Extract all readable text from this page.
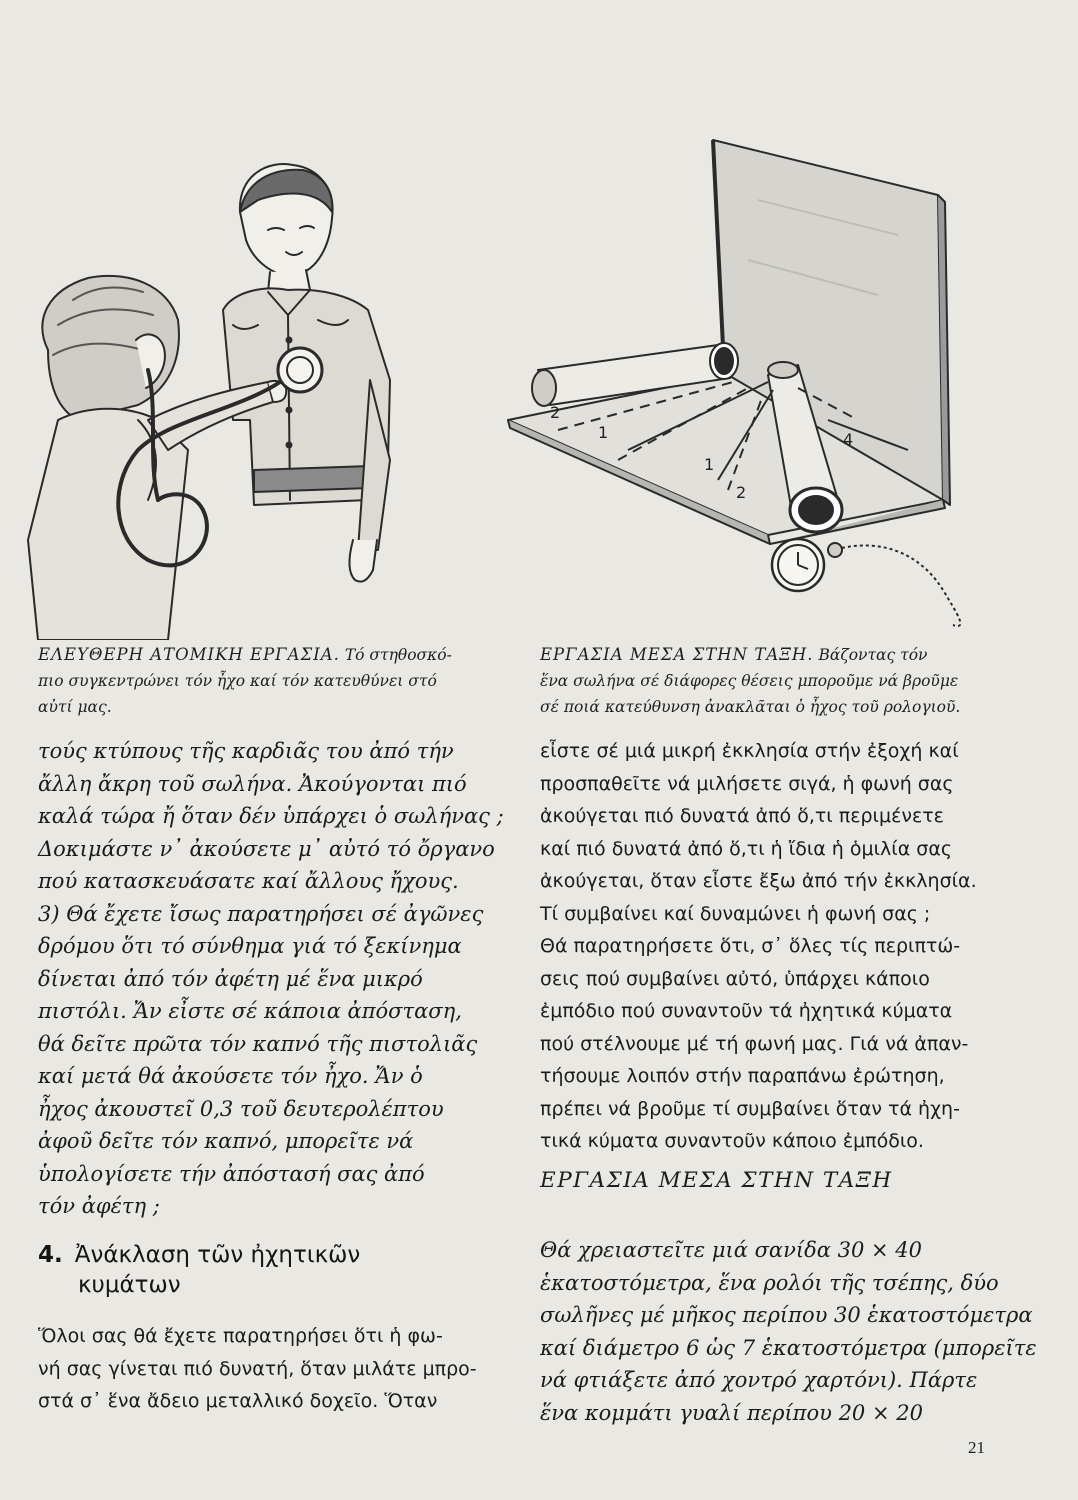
2
1
1
2
4
ΕΛΕΥΘΕΡΗ ΑΤΟΜΙΚΗ ΕΡΓΑΣΙΑ. Τό στηθοσκό-
πιο συγκεντρώνει τόν ἦχο καί τόν κατευθύνει στό
αὐτί μας.
ΕΡΓΑΣΙΑ ΜΕΣΑ ΣΤΗΝ ΤΑΞΗ. Βάζοντας τόν
ἕνα σωλήνα σέ διάφορες θέσεις μποροῦμε νά βροῦμε
σέ ποιά κατεύθυνση ἀνακλᾶται ὁ ἦχος τοῦ ρολογιοῦ.
τούς κτύπους τῆς καρδιᾶς του ἀπό τήν
ἄλλη ἄκρη τοῦ σωλήνα. Ἀκούγονται πιό
καλά τώρα ἤ ὅταν δέν ὑπάρχει ὁ σωλήνας ;
Δοκιμάστε ν᾿ ἀκούσετε μ᾿ αὐτό τό ὄργανο
πού κατασκευάσατε καί ἄλλους ἤχους.
3) Θά ἔχετε ἴσως παρατηρήσει σέ ἀγῶνες
δρόμου ὅτι τό σύνθημα γιά τό ξεκίνημα
δίνεται ἀπό τόν ἀφέτη μέ ἕνα μικρό
πιστόλι. Ἄν εἶστε σέ κάποια ἀπόσταση,
θά δεῖτε πρῶτα τόν καπνό τῆς πιστολιᾶς
καί μετά θά ἀκούσετε τόν ἦχο. Ἄν ὁ
ἦχος ἀκουστεῖ 0,3 τοῦ δευτερολέπτου
ἀφοῦ δεῖτε τόν καπνό, μπορεῖτε νά
ὑπολογίσετε τήν ἀπόστασή σας ἀπό
τόν ἀφέτη ;
4. Ἀνάκλαση τῶν ἠχητικῶν
κυμάτων
Ὅλοι σας θά ἔχετε παρατηρήσει ὅτι ἡ φω-
νή σας γίνεται πιό δυνατή, ὅταν μιλάτε μπρο-
στά σ᾿ ἕνα ἄδειο μεταλλικό δοχεῖο. Ὅταν
εἶστε σέ μιά μικρή ἐκκλησία στήν ἐξοχή καί
προσπαθεῖτε νά μιλήσετε σιγά, ἡ φωνή σας
ἀκούγεται πιό δυνατά ἀπό ὅ,τι περιμένετε
καί πιό δυνατά ἀπό ὅ,τι ἡ ἴδια ἡ ὁμιλία σας
ἀκούγεται, ὅταν εἶστε ἔξω ἀπό τήν ἐκκλησία.
Τί συμβαίνει καί δυναμώνει ἡ φωνή σας ;
Θά παρατηρήσετε ὅτι, σ᾿ ὅλες τίς περιπτώ-
σεις πού συμβαίνει αὐτό, ὑπάρχει κάποιο
ἐμπόδιο πού συναντοῦν τά ἠχητικά κύματα
πού στέλνουμε μέ τή φωνή μας. Γιά νά ἀπαν-
τήσουμε λοιπόν στήν παραπάνω ἐρώτηση,
πρέπει νά βροῦμε τί συμβαίνει ὅταν τά ἠχη-
τικά κύματα συναντοῦν κάποιο ἐμπόδιο.
ΕΡΓΑΣΙΑ ΜΕΣΑ ΣΤΗΝ ΤΑΞΗ
Θά χρειαστεῖτε μιά σανίδα 30 × 40
ἑκατοστόμετρα, ἕνα ρολόι τῆς τσέπης, δύο
σωλῆνες μέ μῆκος περίπου 30 ἑκατοστόμετρα
καί διάμετρο 6 ὡς 7 ἑκατοστόμετρα (μπορεῖτε
νά φτιάξετε ἀπό χοντρό χαρτόνι). Πάρτε
ἕνα κομμάτι γυαλί περίπου 20 × 20
21
